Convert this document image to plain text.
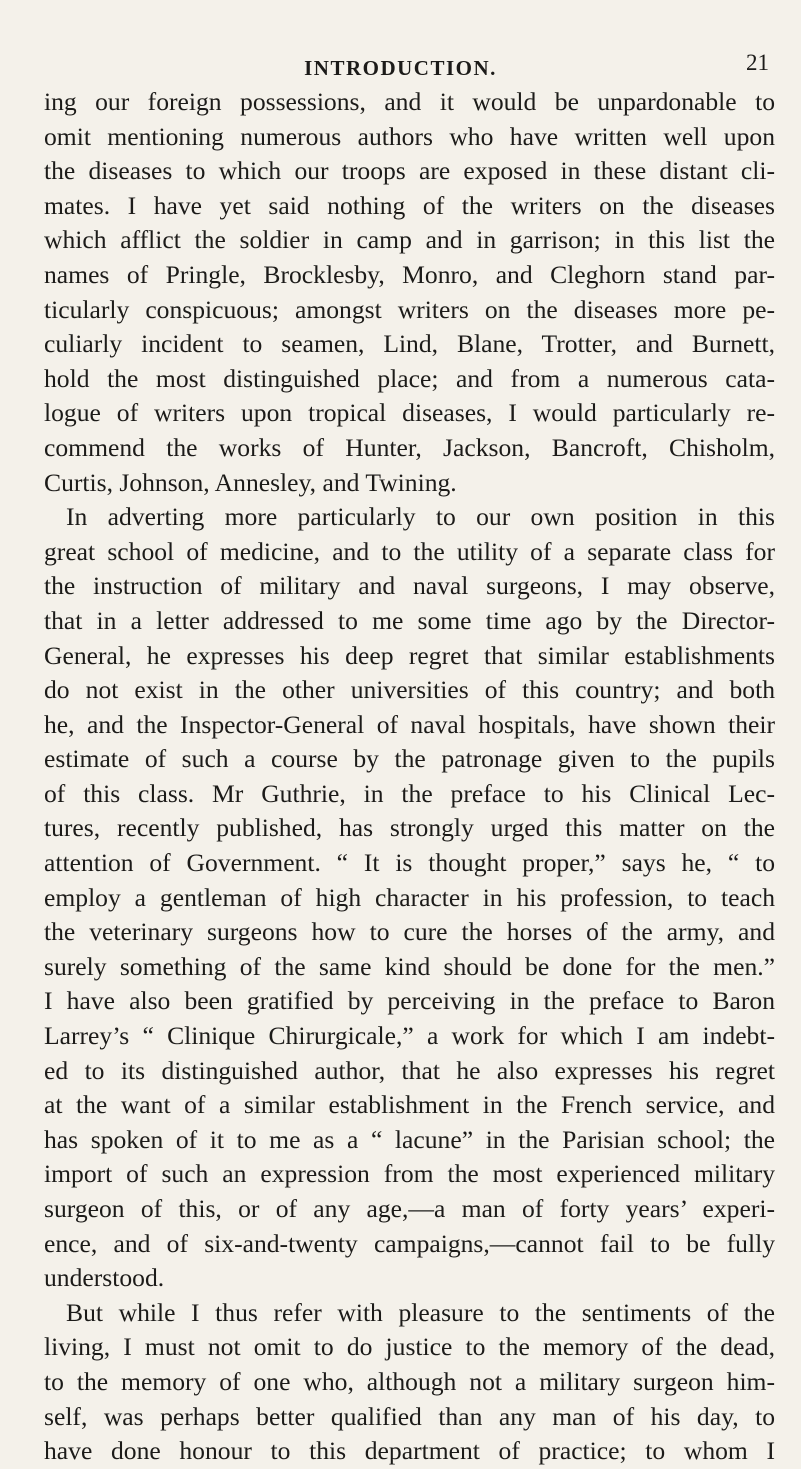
INTRODUCTION.	21
ing our foreign possessions, and it would be unpardonable to
omit mentioning numerous authors who have written well upon
the diseases to which our troops are exposed in these distant cli-
mates. I have yet said nothing of the writers on the diseases
which afflict the soldier in camp and in garrison; in this list the
names of Pringle, Brocklesby, Monro, and Cleghorn stand par-
ticularly conspicuous; amongst writers on the diseases more pe-
culiarly incident to seamen, Lind, Blane, Trotter, and Burnett,
hold the most distinguished place; and from a numerous cata-
logue of writers upon tropical diseases, I would particularly re-
commend the works of Hunter, Jackson, Bancroft, Chisholm,
Curtis, Johnson, Annesley, and Twining.
In adverting more particularly to our own position in this
great school of medicine, and to the utility of a separate class for
the instruction of military and naval surgeons, I may observe,
that in a letter addressed to me some time ago by the Director-
General, he expresses his deep regret that similar establishments
do not exist in the other universities of this country; and both
he, and the Inspector-General of naval hospitals, have shown their
estimate of such a course by the patronage given to the pupils
of this class. Mr Guthrie, in the preface to his Clinical Lec-
tures, recently published, has strongly urged this matter on the
attention of Government. “ It is thought proper,” says he, “ to
employ a gentleman of high character in his profession, to teach
the veterinary surgeons how to cure the horses of the army, and
surely something of the same kind should be done for the men.”
I have also been gratified by perceiving in the preface to Baron
Larrey’s “ Clinique Chirurgicale,” a work for which I am indebt-
ed to its distinguished author, that he also expresses his regret
at the want of a similar establishment in the French service, and
has spoken of it to me as a “ lacune” in the Parisian school; the
import of such an expression from the most experienced military
surgeon of this, or of any age,—a man of forty years’ experi-
ence, and of six-and-twenty campaigns,—cannot fail to be fully
understood.
But while I thus refer with pleasure to the sentiments of the
living, I must not omit to do justice to the memory of the dead,
to the memory of one who, although not a military surgeon him-
self, was perhaps better qualified than any man of his day, to
have done honour to this department of practice; to whom I
